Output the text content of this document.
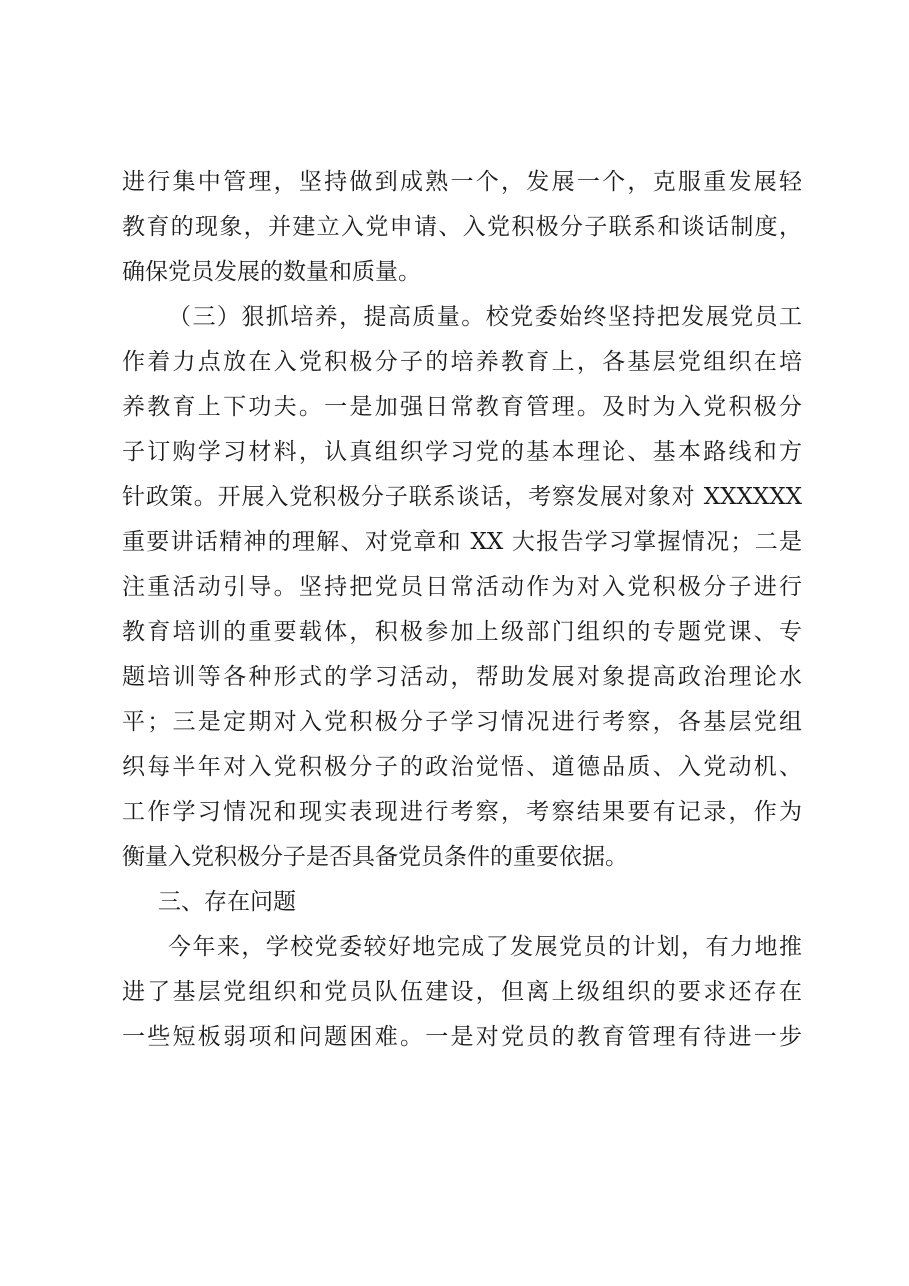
进行集中管理，坚持做到成熟一个，发展一个，克服重发展轻
教育的现象，并建立入党申请、入党积极分子联系和谈话制度，
确保党员发展的数量和质量。
（三）狠抓培养，提高质量。校党委始终坚持把发展党员工
作着力点放在入党积极分子的培养教育上，各基层党组织在培
养教育上下功夫。一是加强日常教育管理。及时为入党积极分
子订购学习材料，认真组织学习党的基本理论、基本路线和方
针政策。开展入党积极分子联系谈话，考察发展对象对 XXXXXX
重要讲话精神的理解、对党章和 XX 大报告学习掌握情况；二是
注重活动引导。坚持把党员日常活动作为对入党积极分子进行
教育培训的重要载体，积极参加上级部门组织的专题党课、专
题培训等各种形式的学习活动，帮助发展对象提高政治理论水
平；三是定期对入党积极分子学习情况进行考察，各基层党组
织每半年对入党积极分子的政治觉悟、道德品质、入党动机、
工作学习情况和现实表现进行考察，考察结果要有记录，作为
衡量入党积极分子是否具备党员条件的重要依据。
三、存在问题
今年来，学校党委较好地完成了发展党员的计划，有力地推
进了基层党组织和党员队伍建设，但离上级组织的要求还存在
一些短板弱项和问题困难。一是对党员的教育管理有待进一步
